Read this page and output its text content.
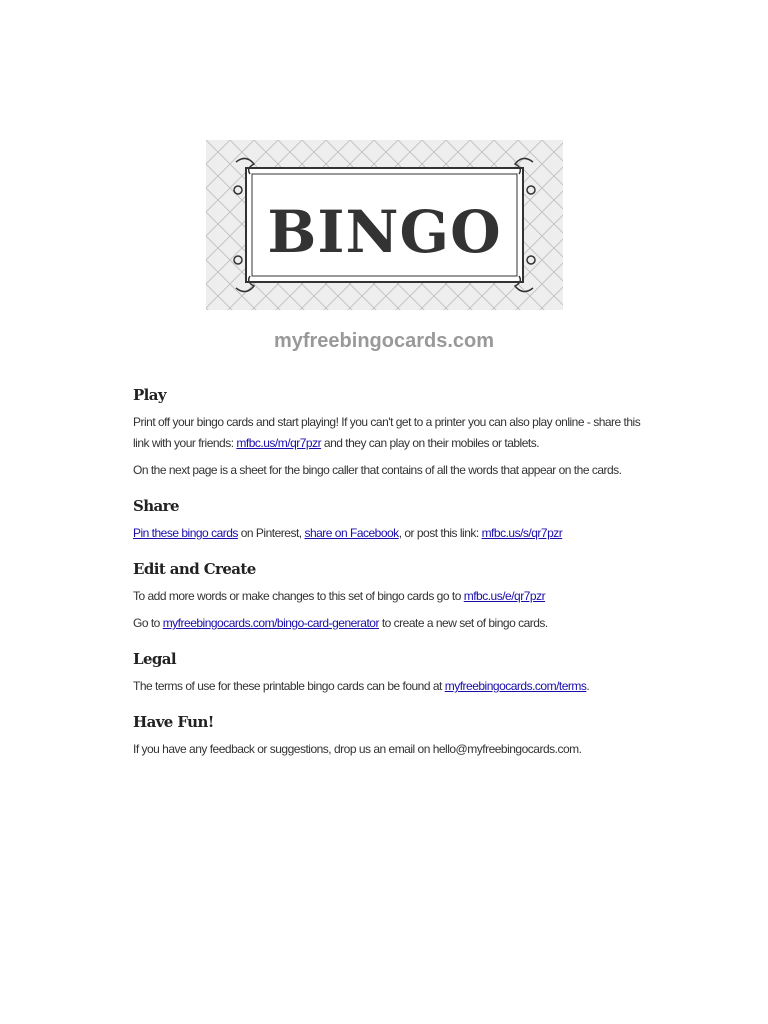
BINGO
myfreebingocards.com
Play

Print off your bingo cards and start playing! If you can't get to a printer you can also play online - share this link with your friends: mfbc.us/m/qr7pzr and they can play on their mobiles or tablets.

On the next page is a sheet for the bingo caller that contains of all the words that appear on the cards.

Share

Pin these bingo cards on Pinterest, share on Facebook, or post this link: mfbc.us/s/qr7pzr

Edit and Create

To add more words or make changes to this set of bingo cards go to mfbc.us/e/qr7pzr

Go to myfreebingocards.com/bingo-card-generator to create a new set of bingo cards.

Legal

The terms of use for these printable bingo cards can be found at myfreebingocards.com/terms.

Have Fun!

If you have any feedback or suggestions, drop us an email on hello@myfreebingocards.com.
